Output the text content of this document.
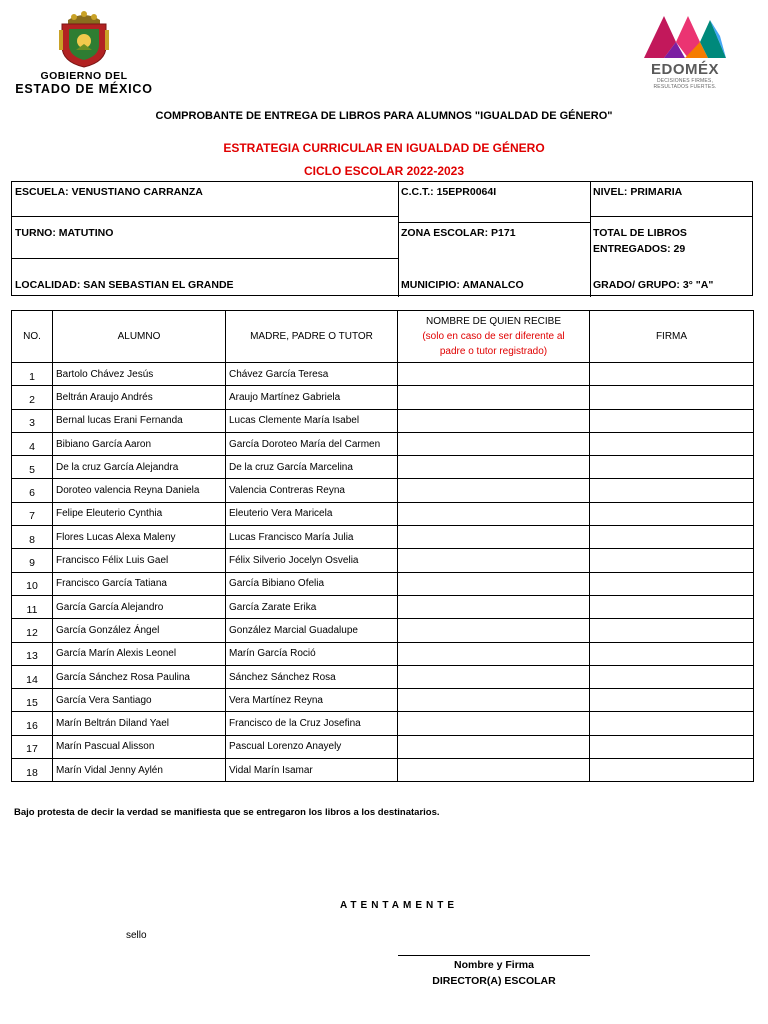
GOBIERNO DEL
ESTADO DE MÉXICO
EDOMÉX
DECISIONES FIRMES,
RESULTADOS FUERTES.
COMPROBANTE DE ENTREGA DE LIBROS PARA ALUMNOS "IGUALDAD DE GÉNERO"
ESTRATEGIA CURRICULAR EN IGUALDAD DE GÉNERO
CICLO ESCOLAR 2022-2023
ESCUELA: VENUSTIANO CARRANZA	C.C.T.: 15EPR0064I	NIVEL: PRIMARIA
TURNO: MATUTINO	ZONA ESCOLAR: P171	TOTAL DE LIBROS
ENTREGADOS: 29
LOCALIDAD: SAN SEBASTIAN EL GRANDE	MUNICIPIO: AMANALCO	GRADO/ GRUPO: 3° "A"
NO.	ALUMNO	MADRE, PADRE O TUTOR	NOMBRE DE QUIEN RECIBE
(solo en caso de ser diferente al
padre o tutor registrado)	FIRMA
1	Bartolo Chávez Jesús	Chávez García Teresa		
2	Beltrán Araujo Andrés	Araujo Martínez Gabriela		
3	Bernal lucas Erani Fernanda	Lucas Clemente María Isabel		
4	Bibiano García Aaron	García Doroteo María del Carmen		
5	De la cruz García Alejandra	De la cruz García Marcelina		
6	Doroteo valencia Reyna Daniela	Valencia Contreras Reyna		
7	Felipe Eleuterio Cynthia	Eleuterio Vera Maricela		
8	Flores Lucas Alexa Maleny	Lucas Francisco María Julia		
9	Francisco Félix Luis Gael	Félix Silverio Jocelyn Osvelia		
10	Francisco García Tatiana	García Bibiano Ofelia		
11	García García Alejandro	García Zarate Erika		
12	García González Ángel	González Marcial Guadalupe		
13	García Marín Alexis Leonel	Marín García Roció		
14	García Sánchez Rosa Paulina	Sánchez Sánchez Rosa		
15	García Vera Santiago	Vera Martínez Reyna		
16	Marín Beltrán Diland Yael	Francisco de la Cruz Josefina		
17	Marín Pascual Alisson	Pascual Lorenzo Anayely		
18	Marín Vidal Jenny Aylén	Vidal Marín Isamar		
Bajo protesta de decir la verdad se manifiesta que se entregaron los libros a los destinatarios.
ATENTAMENTE
sello
Nombre y Firma
DIRECTOR(A) ESCOLAR
